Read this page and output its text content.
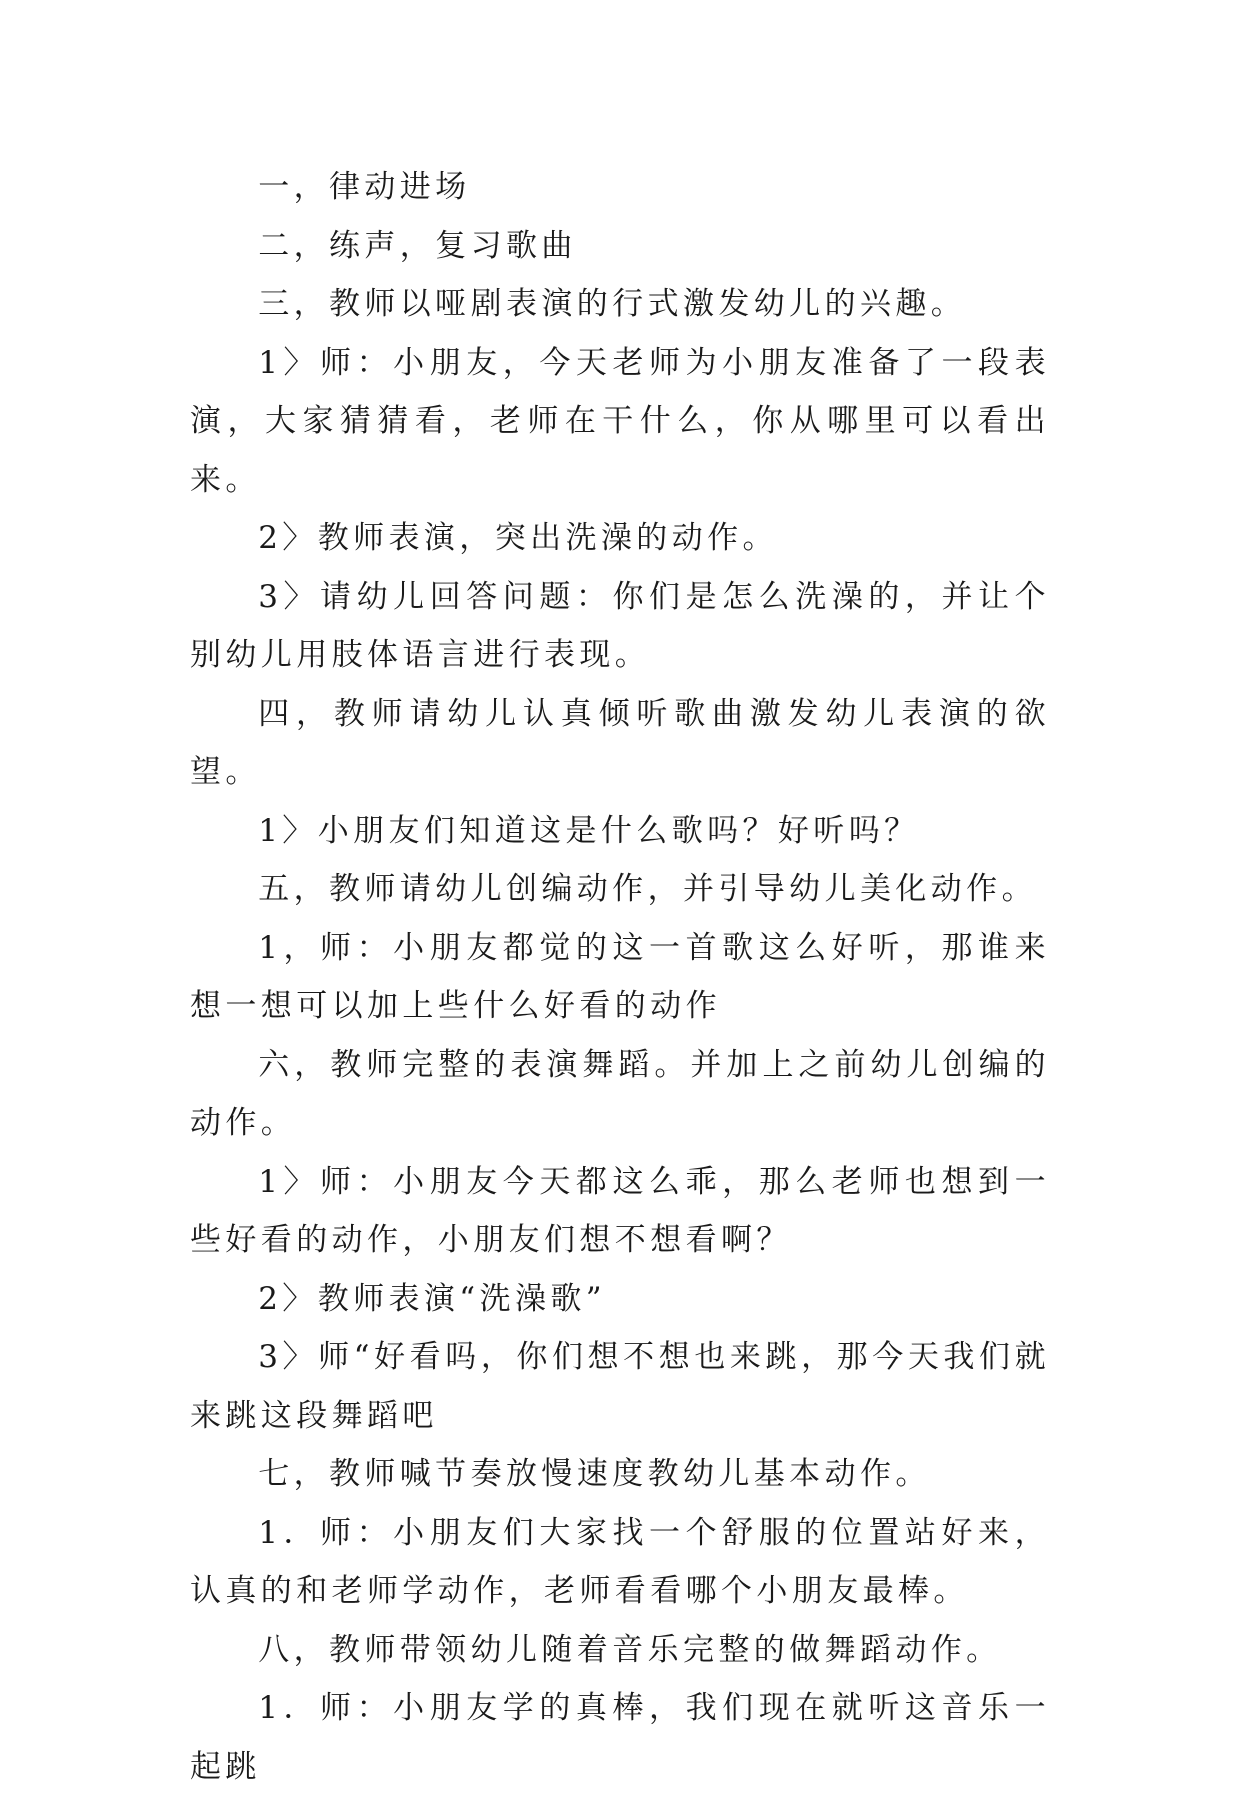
一，律动进场

二，练声，复习歌曲

三，教师以哑剧表演的行式激发幼儿的兴趣。

1〉师：小朋友，今天老师为小朋友准备了一段表演，大家猜猜看，老师在干什么，你从哪里可以看出来。

2〉教师表演，突出洗澡的动作。

3〉请幼儿回答问题：你们是怎么洗澡的，并让个别幼儿用肢体语言进行表现。

四，教师请幼儿认真倾听歌曲激发幼儿表演的欲望。

1〉小朋友们知道这是什么歌吗？好听吗？

五，教师请幼儿创编动作，并引导幼儿美化动作。

1，师：小朋友都觉的这一首歌这么好听，那谁来想一想可以加上些什么好看的动作

六，教师完整的表演舞蹈。并加上之前幼儿创编的动作。

1〉师：小朋友今天都这么乖，那么老师也想到一些好看的动作，小朋友们想不想看啊？

2〉教师表演“洗澡歌”

3〉师“好看吗，你们想不想也来跳，那今天我们就来跳这段舞蹈吧

七，教师喊节奏放慢速度教幼儿基本动作。

1．师：小朋友们大家找一个舒服的位置站好来，认真的和老师学动作，老师看看哪个小朋友最棒。

八，教师带领幼儿随着音乐完整的做舞蹈动作。

1．师：小朋友学的真棒，我们现在就听这音乐一起跳
